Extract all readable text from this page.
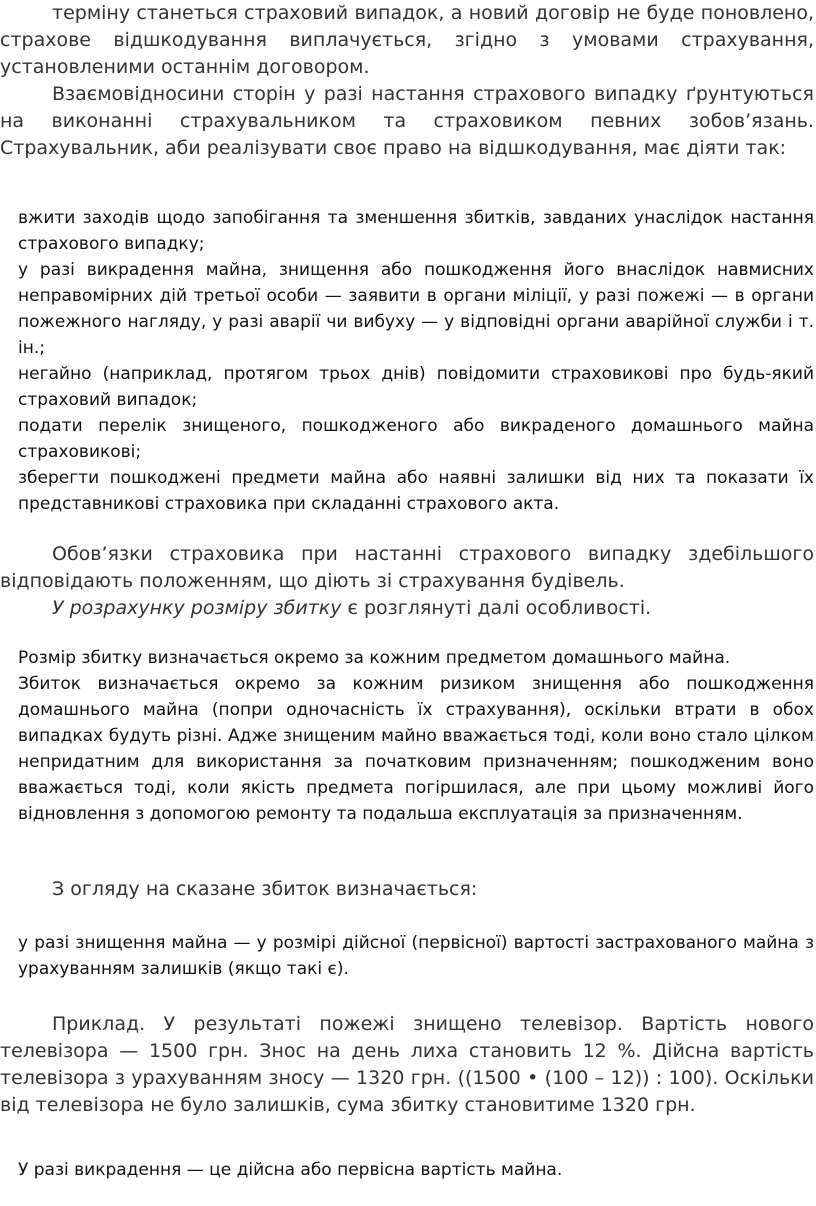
терміну станеться страховий випадок, а новий договір не буде поновлено, страхове відшкодування виплачується, згідно з умовами страхування, установленими останнім договором.

Взаємовідносини сторін у разі настання страхового випадку ґрунтуються на виконанні страхувальником та страховиком певних зобов’язань. Страхувальник, аби реалізувати своє право на відшкодування, має діяти так:

вжити заходів щодо запобігання та зменшення збитків, завданих унаслідок настання страхового випадку;
у разі викрадення майна, знищення або пошкодження його внаслідок навмисних неправомірних дій третьої особи — заявити в органи міліції, у разі пожежі — в органи пожежного нагляду, у разі аварії чи вибуху — у відповідні органи аварійної служби і т. ін.;
негайно (наприклад, протягом трьох днів) повідомити страховикові про будь-який страховий випадок;
подати перелік знищеного, пошкодженого або викраденого домашнього майна страховикові;
зберегти пошкоджені предмети майна або наявні залишки від них та показати їх представникові страховика при складанні страхового акта.

Обов’язки страховика при настанні страхового випадку здебільшого відповідають положенням, що діють зі страхування будівель.

У розрахунку розміру збитку є розглянуті далі особливості.

Розмір збитку визначається окремо за кожним предметом домашнього майна.

Збиток визначається окремо за кожним ризиком знищення або пошкодження домашнього майна (попри одночасність їх страхування), оскільки втрати в обох випадках будуть різні. Адже знищеним майно вважається тоді, коли воно стало цілком непридатним для використання за початковим призначенням; пошкодженим воно вважається тоді, коли якість предмета погіршилася, але при цьому можливі його відновлення з допомогою ремонту та подальша експлуатація за призначенням.

З огляду на сказане збиток визначається:

у разі знищення майна — у розмірі дійсної (первісної) вартості застрахованого майна з урахуванням залишків (якщо такі є).

Приклад. У результаті пожежі знищено телевізор. Вартість нового телевізора — 1500 грн. Знос на день лиха становить 12 %. Дійсна вартість телевізора з урахуванням зносу — 1320 грн. ((1500 • (100 – 12)) : 100). Оскільки від телевізора не було залишків, сума збитку становитиме 1320 грн.

У разі викрадення — це дійсна або первісна вартість майна.
